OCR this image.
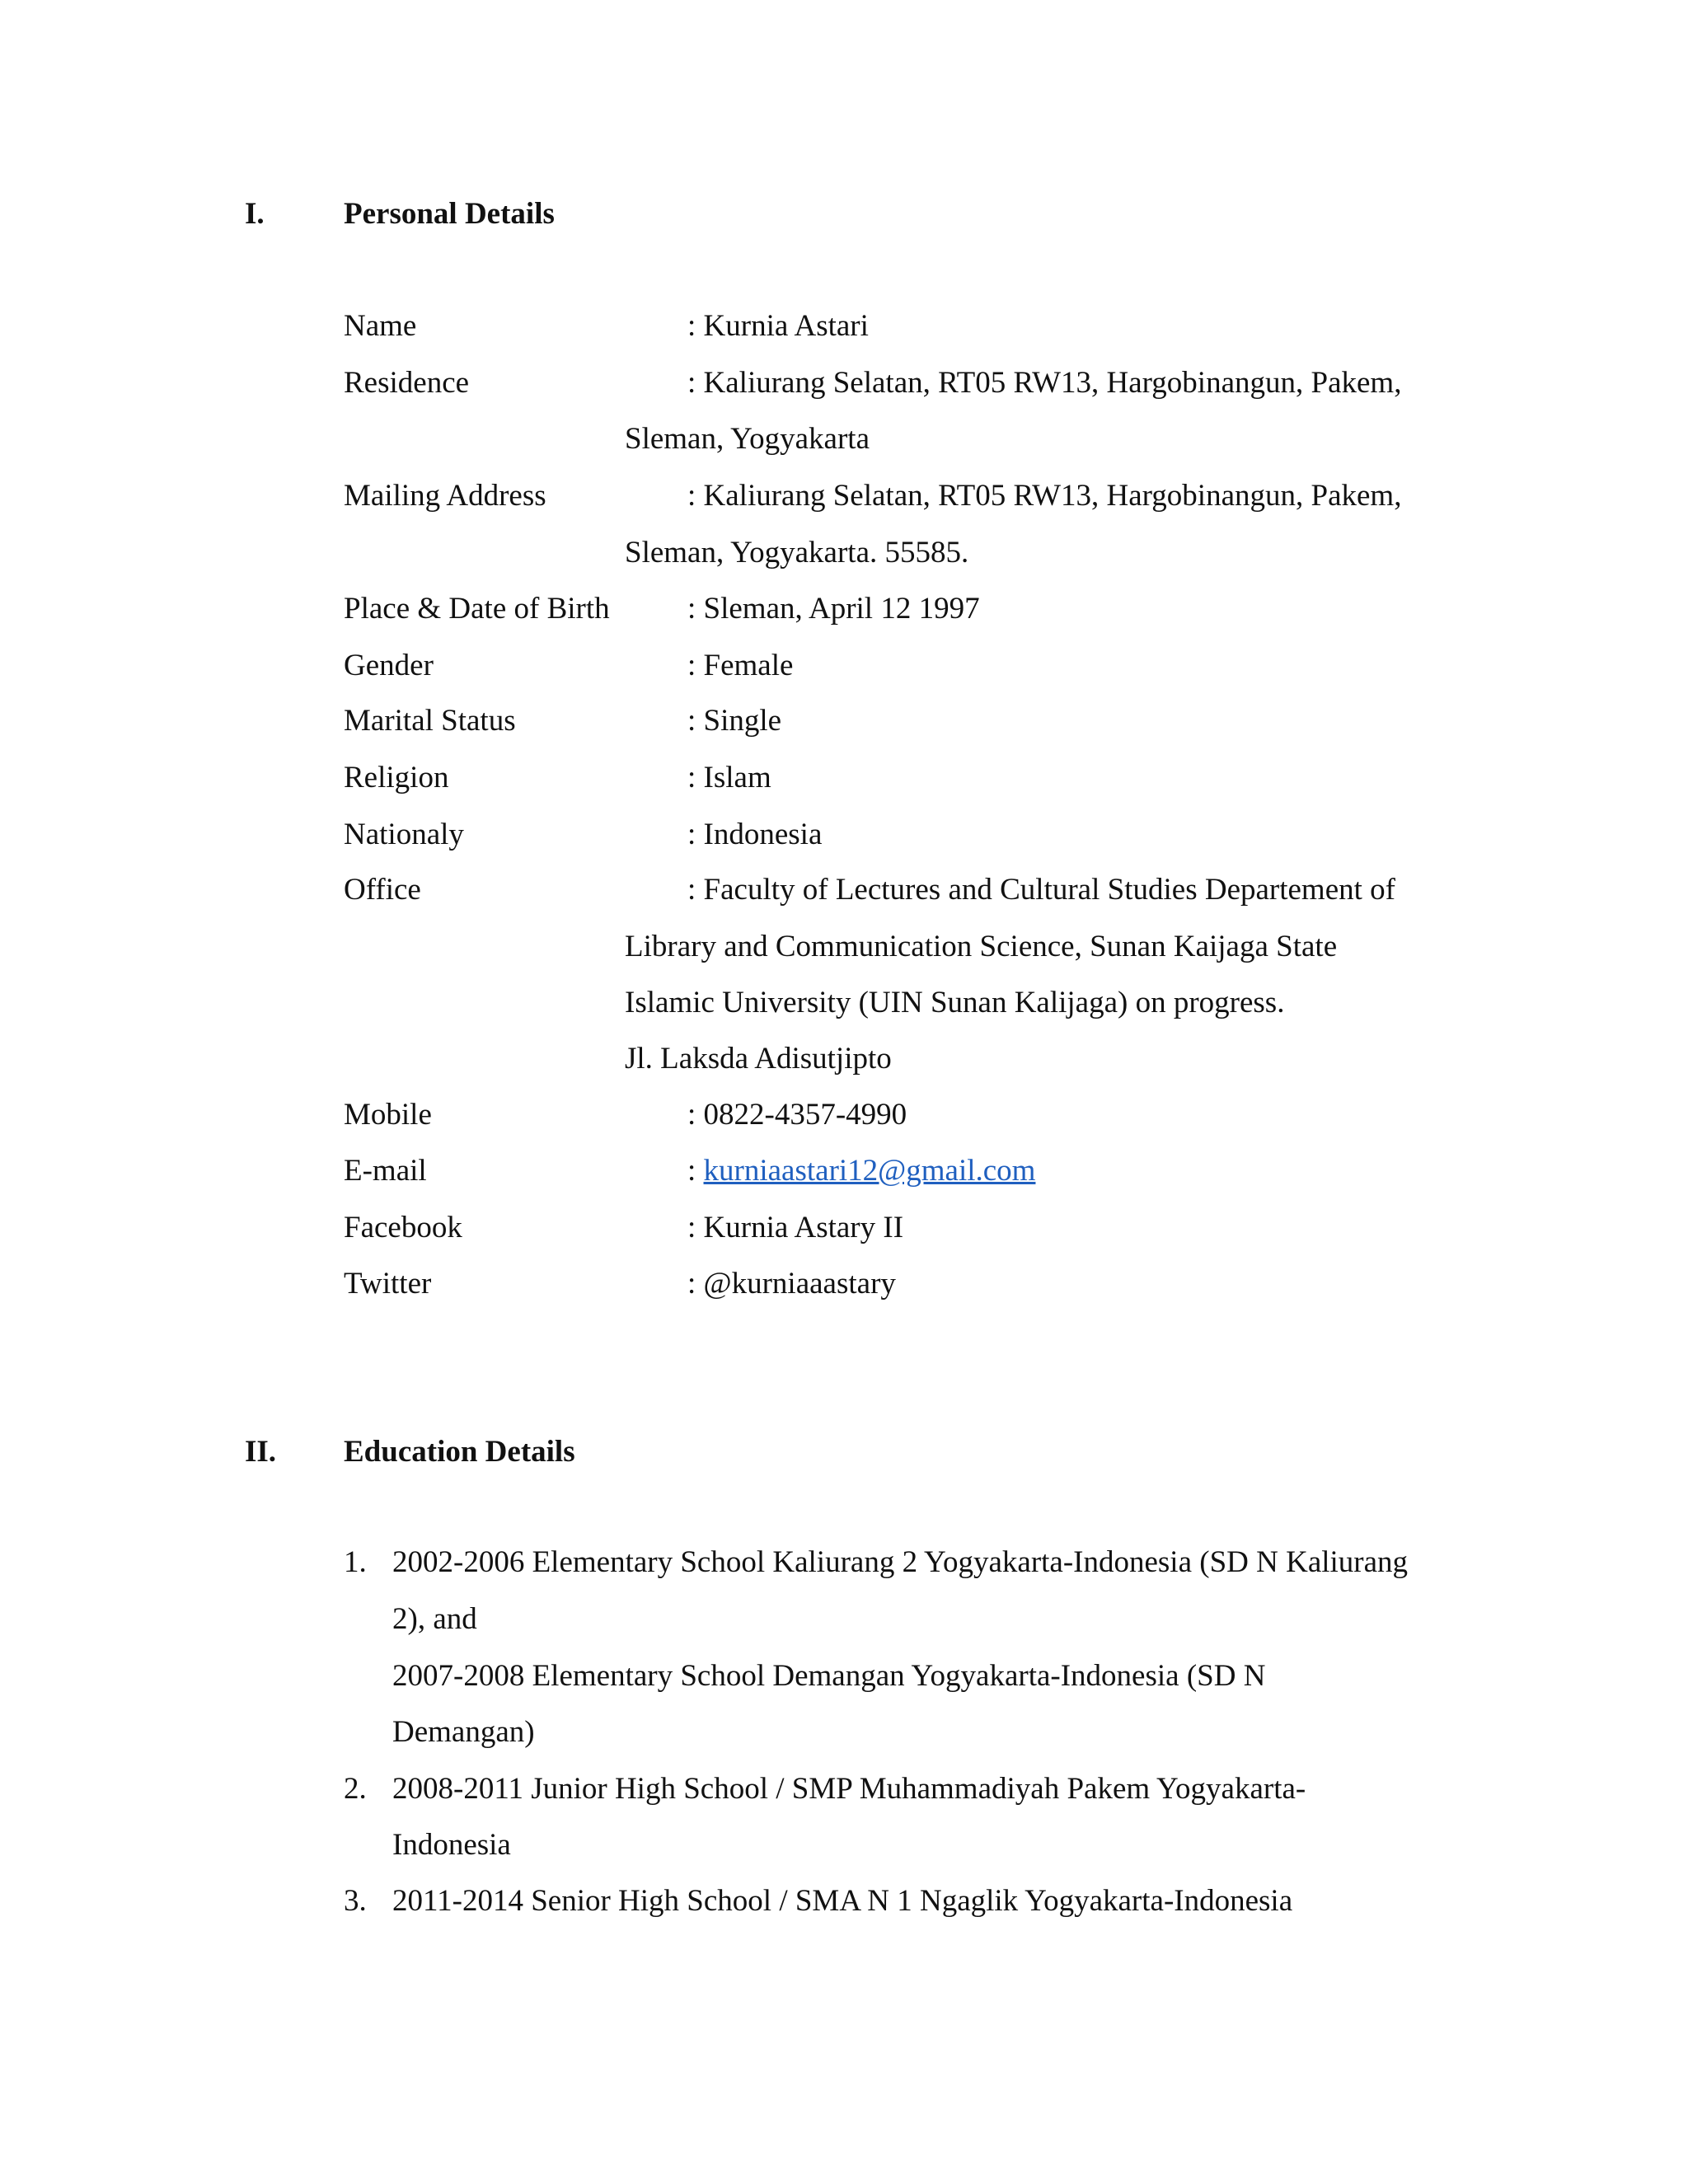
I.	Personal Details
Name	: Kurnia Astari
Residence	: Kaliurang Selatan, RT05 RW13, Hargobinangun, Pakem,
Sleman, Yogyakarta
Mailing Address	: Kaliurang Selatan, RT05 RW13, Hargobinangun, Pakem,
Sleman, Yogyakarta. 55585.
Place & Date of Birth	: Sleman, April 12 1997
Gender	: Female
Marital Status	: Single
Religion	: Islam
Nationaly	: Indonesia
Office	: Faculty of Lectures and Cultural Studies Departement of
Library and Communication Science, Sunan Kaijaga State
Islamic University (UIN Sunan Kalijaga) on progress.
Jl. Laksda Adisutjipto
Mobile	: 0822-4357-4990
E-mail	: kurniaastari12@gmail.com
Facebook	: Kurnia Astary II
Twitter	: @kurniaaastary
II. Education Details
1. 2002-2006 Elementary School Kaliurang 2 Yogyakarta-Indonesia (SD N Kaliurang
2), and
2007-2008 Elementary School Demangan Yogyakarta-Indonesia (SD N
Demangan)
2. 2008-2011 Junior High School / SMP Muhammadiyah Pakem Yogyakarta-
Indonesia
3. 2011-2014 Senior High School / SMA N 1 Ngaglik Yogyakarta-Indonesia
